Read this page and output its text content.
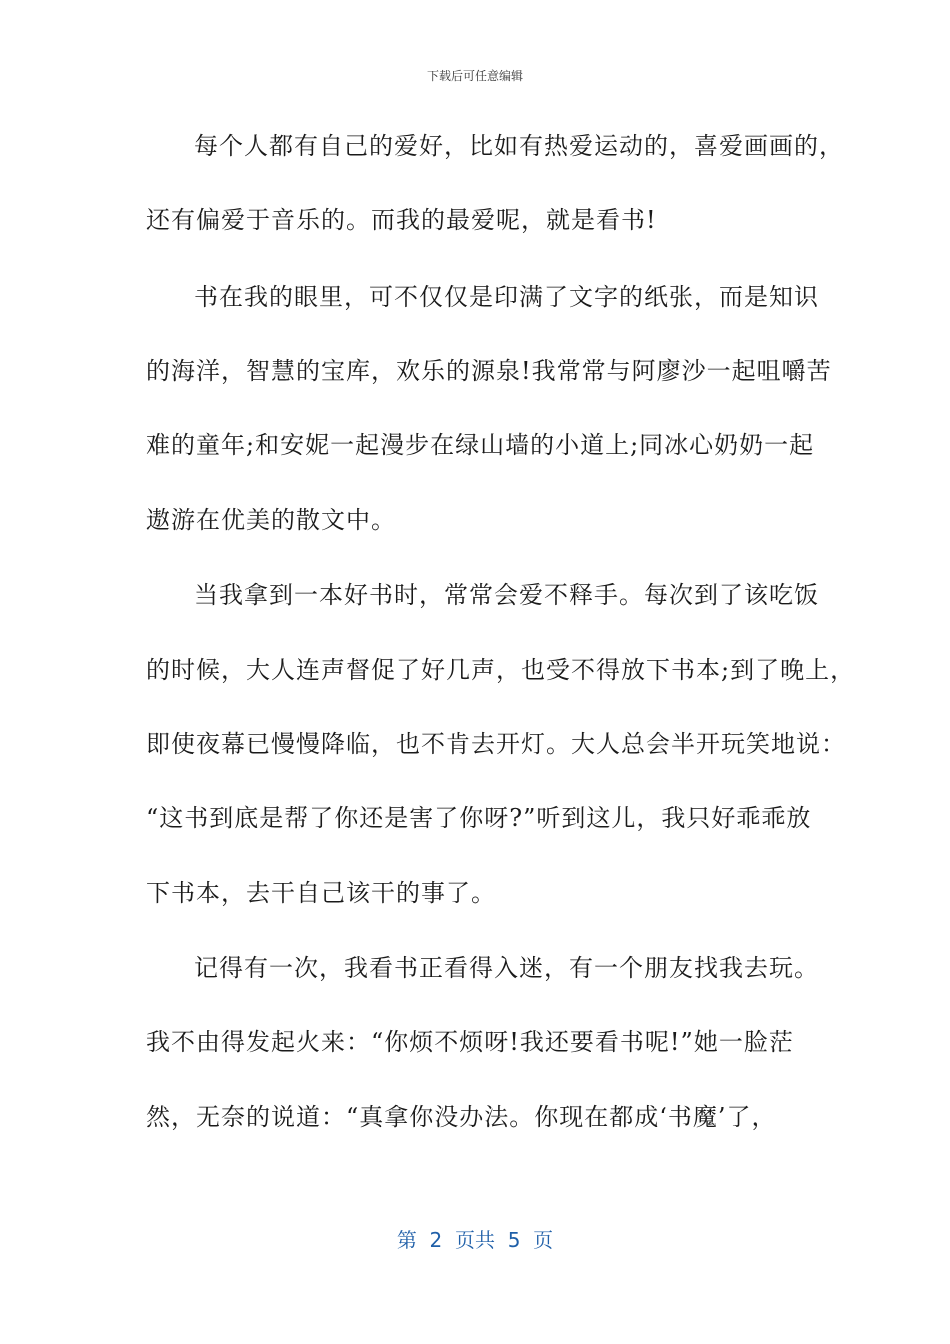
下载后可任意编辑
每个人都有自己的爱好，比如有热爱运动的，喜爱画画的，
还有偏爱于音乐的。而我的最爱呢，就是看书!
书在我的眼里，可不仅仅是印满了文字的纸张，而是知识
的海洋，智慧的宝库，欢乐的源泉!我常常与阿廖沙一起咀嚼苦
难的童年;和安妮一起漫步在绿山墙的小道上;同冰心奶奶一起
遨游在优美的散文中。
当我拿到一本好书时，常常会爱不释手。每次到了该吃饭
的时候，大人连声督促了好几声，也受不得放下书本;到了晚上，
即使夜幕已慢慢降临，也不肯去开灯。大人总会半开玩笑地说：
“这书到底是帮了你还是害了你呀?”听到这儿，我只好乖乖放
下书本，去干自己该干的事了。
记得有一次，我看书正看得入迷，有一个朋友找我去玩。
我不由得发起火来：“你烦不烦呀!我还要看书呢!”她一脸茫
然，无奈的说道：“真拿你没办法。你现在都成‘书魔’了，
第  2  页共  5  页
